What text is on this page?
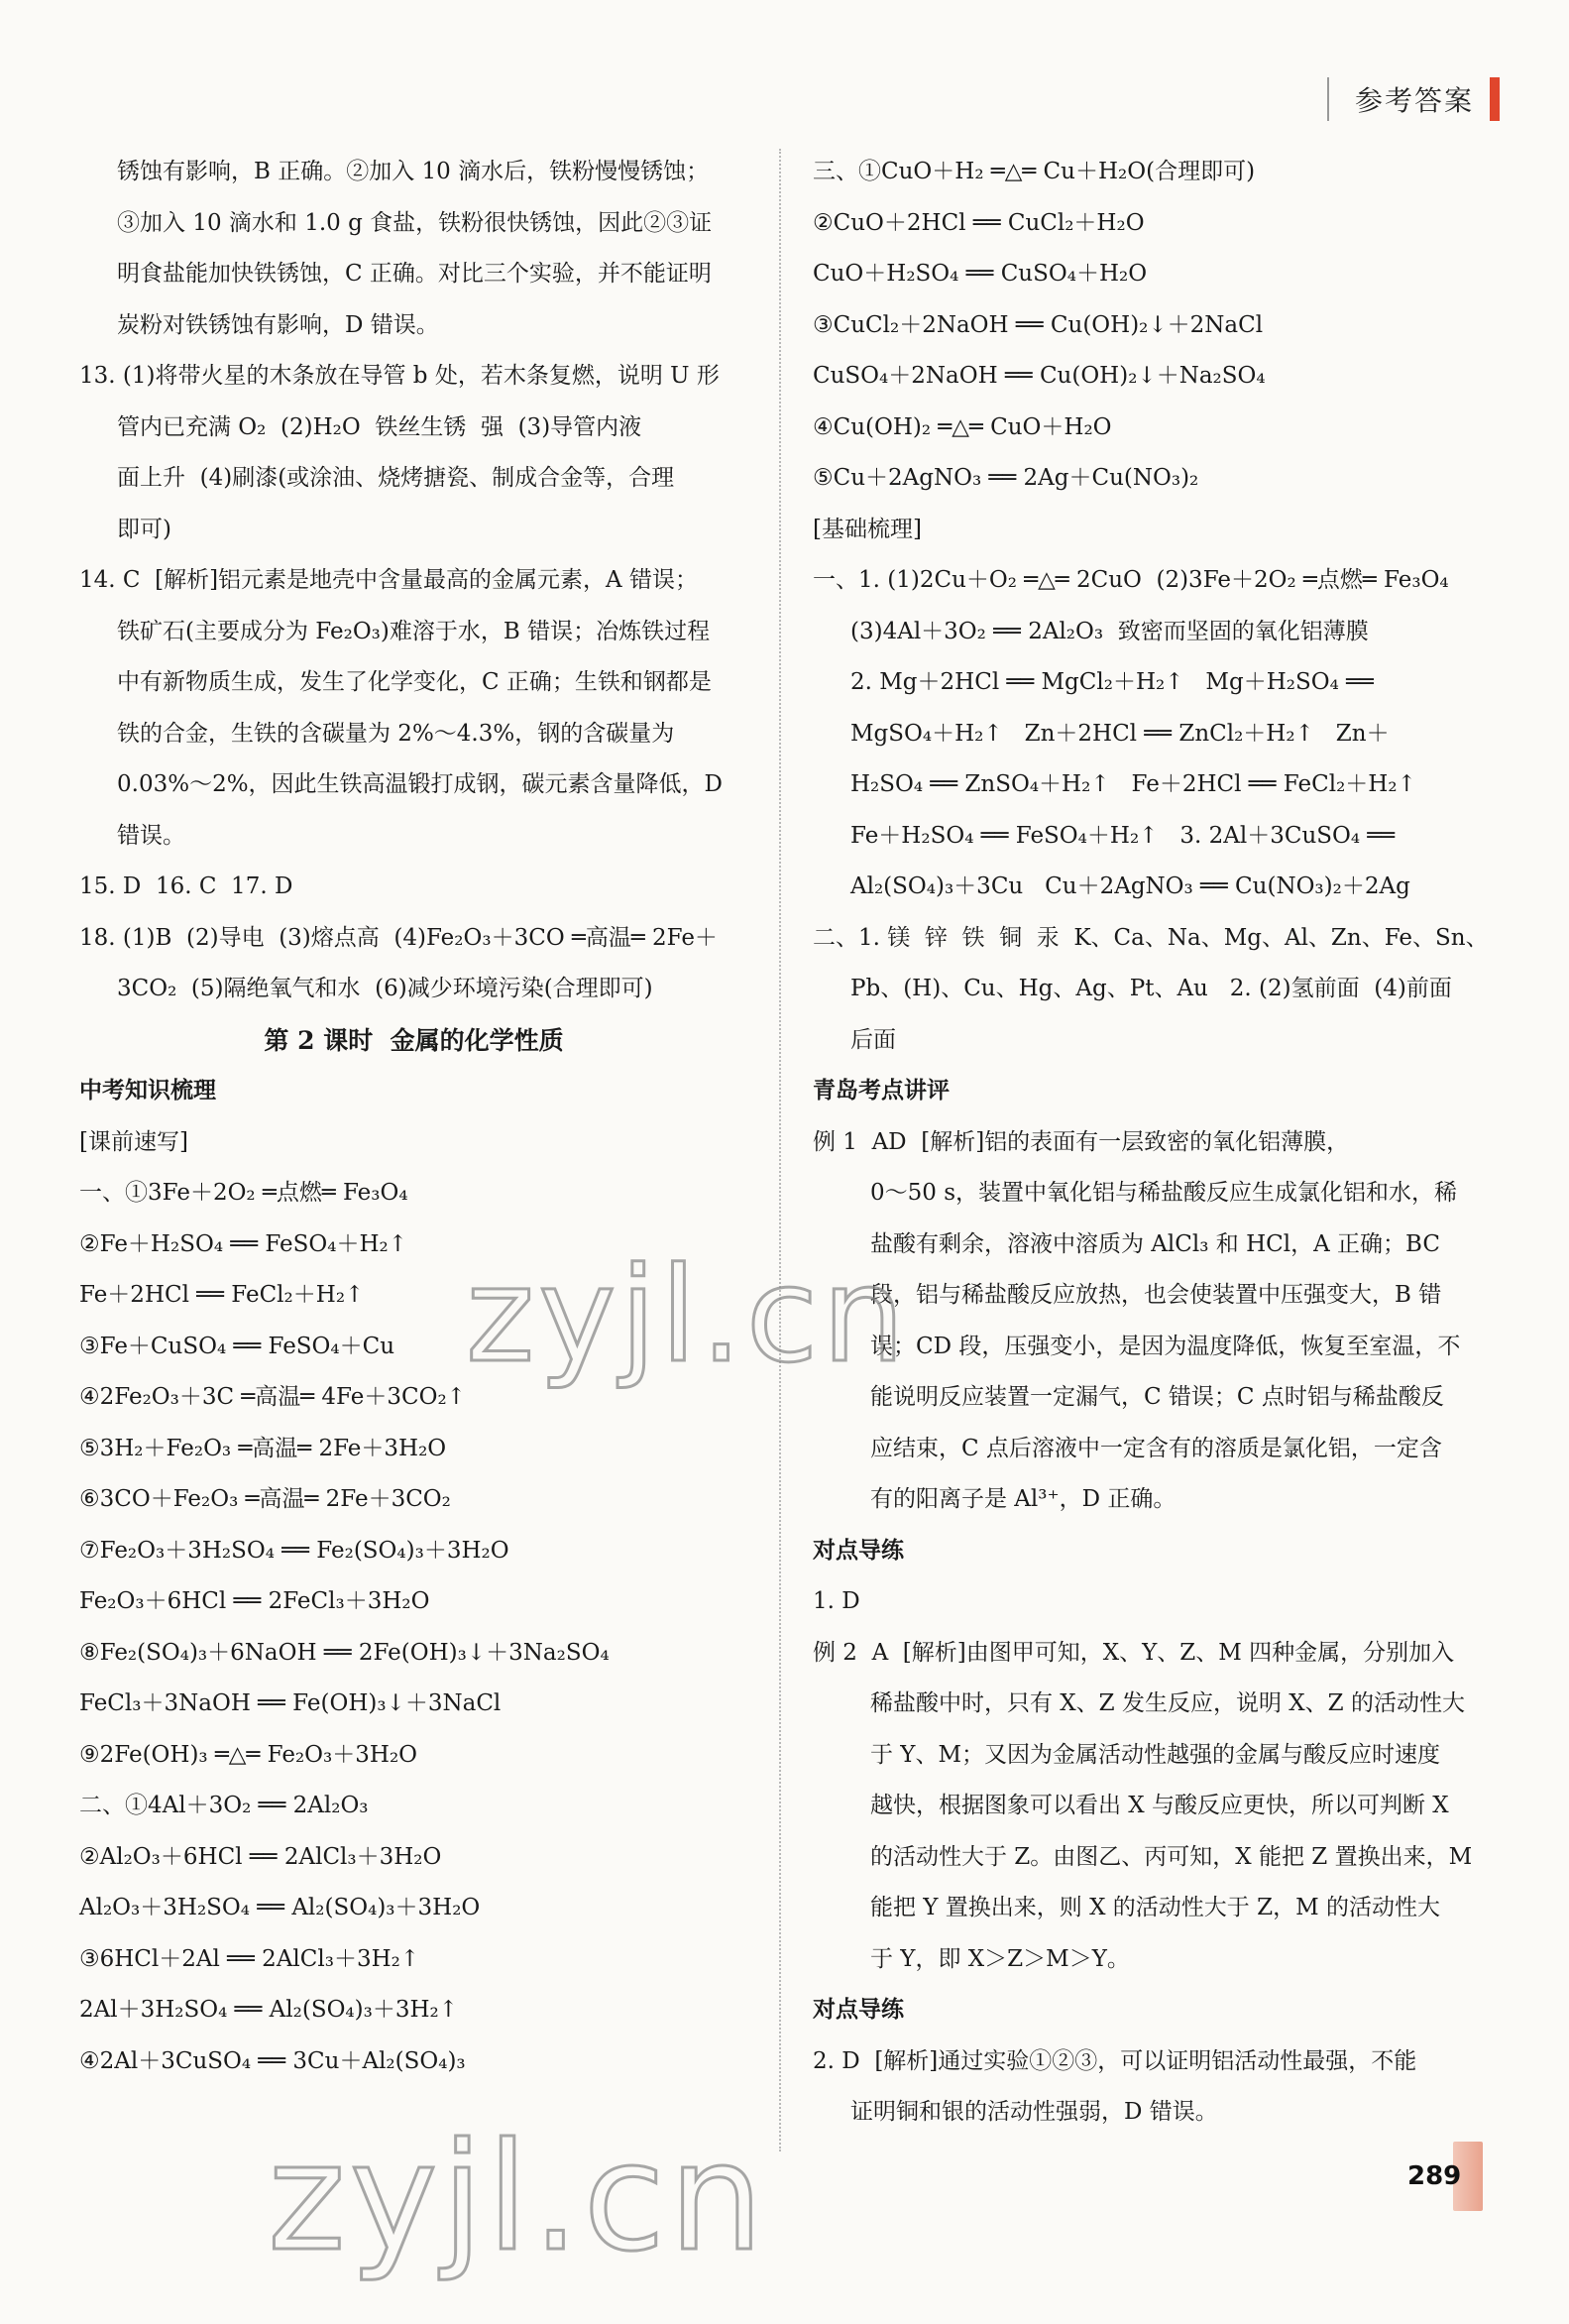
参考答案
锈蚀有影响，B 正确。②加入 10 滴水后，铁粉慢慢锈蚀；
③加入 10 滴水和 1.0 g 食盐，铁粉很快锈蚀，因此②③证
明食盐能加快铁锈蚀，C 正确。对比三个实验，并不能证明
炭粉对铁锈蚀有影响，D 错误。
13. (1)将带火星的木条放在导管 b 处，若木条复燃，说明 U 形
管内已充满 O₂  (2)H₂O  铁丝生锈  强  (3)导管内液
面上升  (4)刷漆(或涂油、烧烤搪瓷、制成合金等，合理
即可)
14. C  [解析]铝元素是地壳中含量最高的金属元素，A 错误；
铁矿石(主要成分为 Fe₂O₃)难溶于水，B 错误；冶炼铁过程
中有新物质生成，发生了化学变化，C 正确；生铁和钢都是
铁的合金，生铁的含碳量为 2%～4.3%，钢的含碳量为
0.03%～2%，因此生铁高温锻打成钢，碳元素含量降低，D
错误。
15. D  16. C  17. D
18. (1)B  (2)导电  (3)熔点高  (4)Fe₂O₃＋3CO ═高温═ 2Fe＋
3CO₂  (5)隔绝氧气和水  (6)减少环境污染(合理即可)
第 2 课时  金属的化学性质
中考知识梳理
[课前速写]
一、①3Fe＋2O₂ ═点燃═ Fe₃O₄
②Fe＋H₂SO₄ ══ FeSO₄＋H₂↑
Fe＋2HCl ══ FeCl₂＋H₂↑
③Fe＋CuSO₄ ══ FeSO₄＋Cu
④2Fe₂O₃＋3C ═高温═ 4Fe＋3CO₂↑
⑤3H₂＋Fe₂O₃ ═高温═ 2Fe＋3H₂O
⑥3CO＋Fe₂O₃ ═高温═ 2Fe＋3CO₂
⑦Fe₂O₃＋3H₂SO₄ ══ Fe₂(SO₄)₃＋3H₂O
Fe₂O₃＋6HCl ══ 2FeCl₃＋3H₂O
⑧Fe₂(SO₄)₃＋6NaOH ══ 2Fe(OH)₃↓＋3Na₂SO₄
FeCl₃＋3NaOH ══ Fe(OH)₃↓＋3NaCl
⑨2Fe(OH)₃ ═△═ Fe₂O₃＋3H₂O
二、①4Al＋3O₂ ══ 2Al₂O₃
②Al₂O₃＋6HCl ══ 2AlCl₃＋3H₂O
Al₂O₃＋3H₂SO₄ ══ Al₂(SO₄)₃＋3H₂O
③6HCl＋2Al ══ 2AlCl₃＋3H₂↑
2Al＋3H₂SO₄ ══ Al₂(SO₄)₃＋3H₂↑
④2Al＋3CuSO₄ ══ 3Cu＋Al₂(SO₄)₃
三、①CuO＋H₂ ═△═ Cu＋H₂O(合理即可)
②CuO＋2HCl ══ CuCl₂＋H₂O
CuO＋H₂SO₄ ══ CuSO₄＋H₂O
③CuCl₂＋2NaOH ══ Cu(OH)₂↓＋2NaCl
CuSO₄＋2NaOH ══ Cu(OH)₂↓＋Na₂SO₄
④Cu(OH)₂ ═△═ CuO＋H₂O
⑤Cu＋2AgNO₃ ══ 2Ag＋Cu(NO₃)₂
[基础梳理]
一、1. (1)2Cu＋O₂ ═△═ 2CuO  (2)3Fe＋2O₂ ═点燃═ Fe₃O₄
(3)4Al＋3O₂ ══ 2Al₂O₃  致密而坚固的氧化铝薄膜
2. Mg＋2HCl ══ MgCl₂＋H₂↑   Mg＋H₂SO₄ ══
MgSO₄＋H₂↑   Zn＋2HCl ══ ZnCl₂＋H₂↑   Zn＋
H₂SO₄ ══ ZnSO₄＋H₂↑   Fe＋2HCl ══ FeCl₂＋H₂↑
Fe＋H₂SO₄ ══ FeSO₄＋H₂↑   3. 2Al＋3CuSO₄ ══
Al₂(SO₄)₃＋3Cu   Cu＋2AgNO₃ ══ Cu(NO₃)₂＋2Ag
二、1. 镁  锌  铁  铜  汞  K、Ca、Na、Mg、Al、Zn、Fe、Sn、
Pb、(H)、Cu、Hg、Ag、Pt、Au   2. (2)氢前面  (4)前面
后面
青岛考点讲评
例 1  AD  [解析]铝的表面有一层致密的氧化铝薄膜，
0～50 s，装置中氧化铝与稀盐酸反应生成氯化铝和水，稀
盐酸有剩余，溶液中溶质为 AlCl₃ 和 HCl，A 正确；BC
段，铝与稀盐酸反应放热，也会使装置中压强变大，B 错
误；CD 段，压强变小，是因为温度降低，恢复至室温，不
能说明反应装置一定漏气，C 错误；C 点时铝与稀盐酸反
应结束，C 点后溶液中一定含有的溶质是氯化铝，一定含
有的阳离子是 Al³⁺，D 正确。
对点导练
1. D
例 2  A  [解析]由图甲可知，X、Y、Z、M 四种金属，分别加入
稀盐酸中时，只有 X、Z 发生反应，说明 X、Z 的活动性大
于 Y、M；又因为金属活动性越强的金属与酸反应时速度
越快，根据图象可以看出 X 与酸反应更快，所以可判断 X
的活动性大于 Z。由图乙、丙可知，X 能把 Z 置换出来，M
能把 Y 置换出来，则 X 的活动性大于 Z，M 的活动性大
于 Y，即 X＞Z＞M＞Y。
对点导练
2. D  [解析]通过实验①②③，可以证明铝活动性最强，不能
证明铜和银的活动性强弱，D 错误。
zyjl.cn
zyjl.cn	289
